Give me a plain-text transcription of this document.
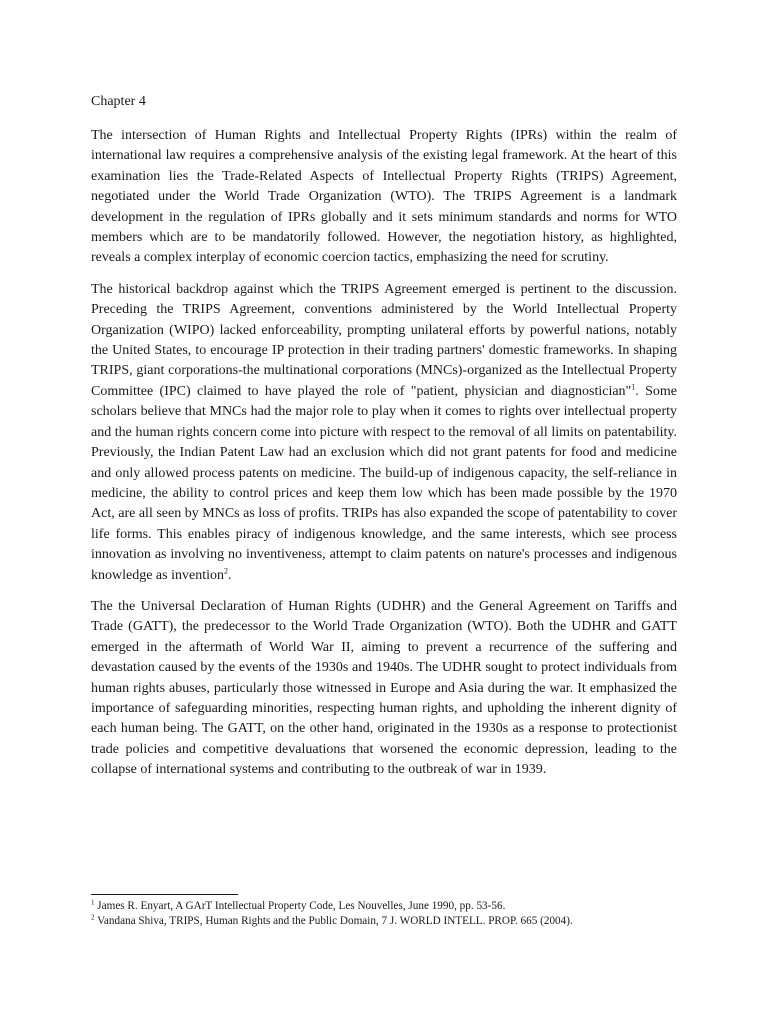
Chapter 4

The intersection of Human Rights and Intellectual Property Rights (IPRs) within the realm of international law requires a comprehensive analysis of the existing legal framework. At the heart of this examination lies the Trade-Related Aspects of Intellectual Property Rights (TRIPS) Agreement, negotiated under the World Trade Organization (WTO). The TRIPS Agreement is a landmark development in the regulation of IPRs globally and it sets minimum standards and norms for WTO members which are to be mandatorily followed. However, the negotiation history, as highlighted, reveals a complex interplay of economic coercion tactics, emphasizing the need for scrutiny.

The historical backdrop against which the TRIPS Agreement emerged is pertinent to the discussion. Preceding the TRIPS Agreement, conventions administered by the World Intellectual Property Organization (WIPO) lacked enforceability, prompting unilateral efforts by powerful nations, notably the United States, to encourage IP protection in their trading partners' domestic frameworks. In shaping TRIPS, giant corporations-the multinational corporations (MNCs)-organized as the Intellectual Property Committee (IPC) claimed to have played the role of "patient, physician and diagnostician"$^1$. Some scholars believe that MNCs had the major role to play when it comes to rights over intellectual property and the human rights concern come into picture with respect to the removal of all limits on patentability. Previously, the Indian Patent Law had an exclusion which did not grant patents for food and medicine and only allowed process patents on medicine. The build-up of indigenous capacity, the self-reliance in medicine, the ability to control prices and keep them low which has been made possible by the 1970 Act, are all seen by MNCs as loss of profits. TRIPs has also expanded the scope of patentability to cover life forms. This enables piracy of indigenous knowledge, and the same interests, which see process innovation as involving no inventiveness, attempt to claim patents on nature's processes and indigenous knowledge as invention$^2$.

The the Universal Declaration of Human Rights (UDHR) and the General Agreement on Tariffs and Trade (GATT), the predecessor to the World Trade Organization (WTO). Both the UDHR and GATT emerged in the aftermath of World War II, aiming to prevent a recurrence of the suffering and devastation caused by the events of the 1930s and 1940s. The UDHR sought to protect individuals from human rights abuses, particularly those witnessed in Europe and Asia during the war. It emphasized the importance of safeguarding minorities, respecting human rights, and upholding the inherent dignity of each human being. The GATT, on the other hand, originated in the 1930s as a response to protectionist trade policies and competitive devaluations that worsened the economic depression, leading to the collapse of international systems and contributing to the outbreak of war in 1939.

$^1$ James R. Enyart, A GArT Intellectual Property Code, Les Nouvelles, June 1990, pp. 53-56.

$^2$ Vandana Shiva, TRIPS, Human Rights and the Public Domain, 7 J. WORLD INTELL. PROP. 665 (2004).
